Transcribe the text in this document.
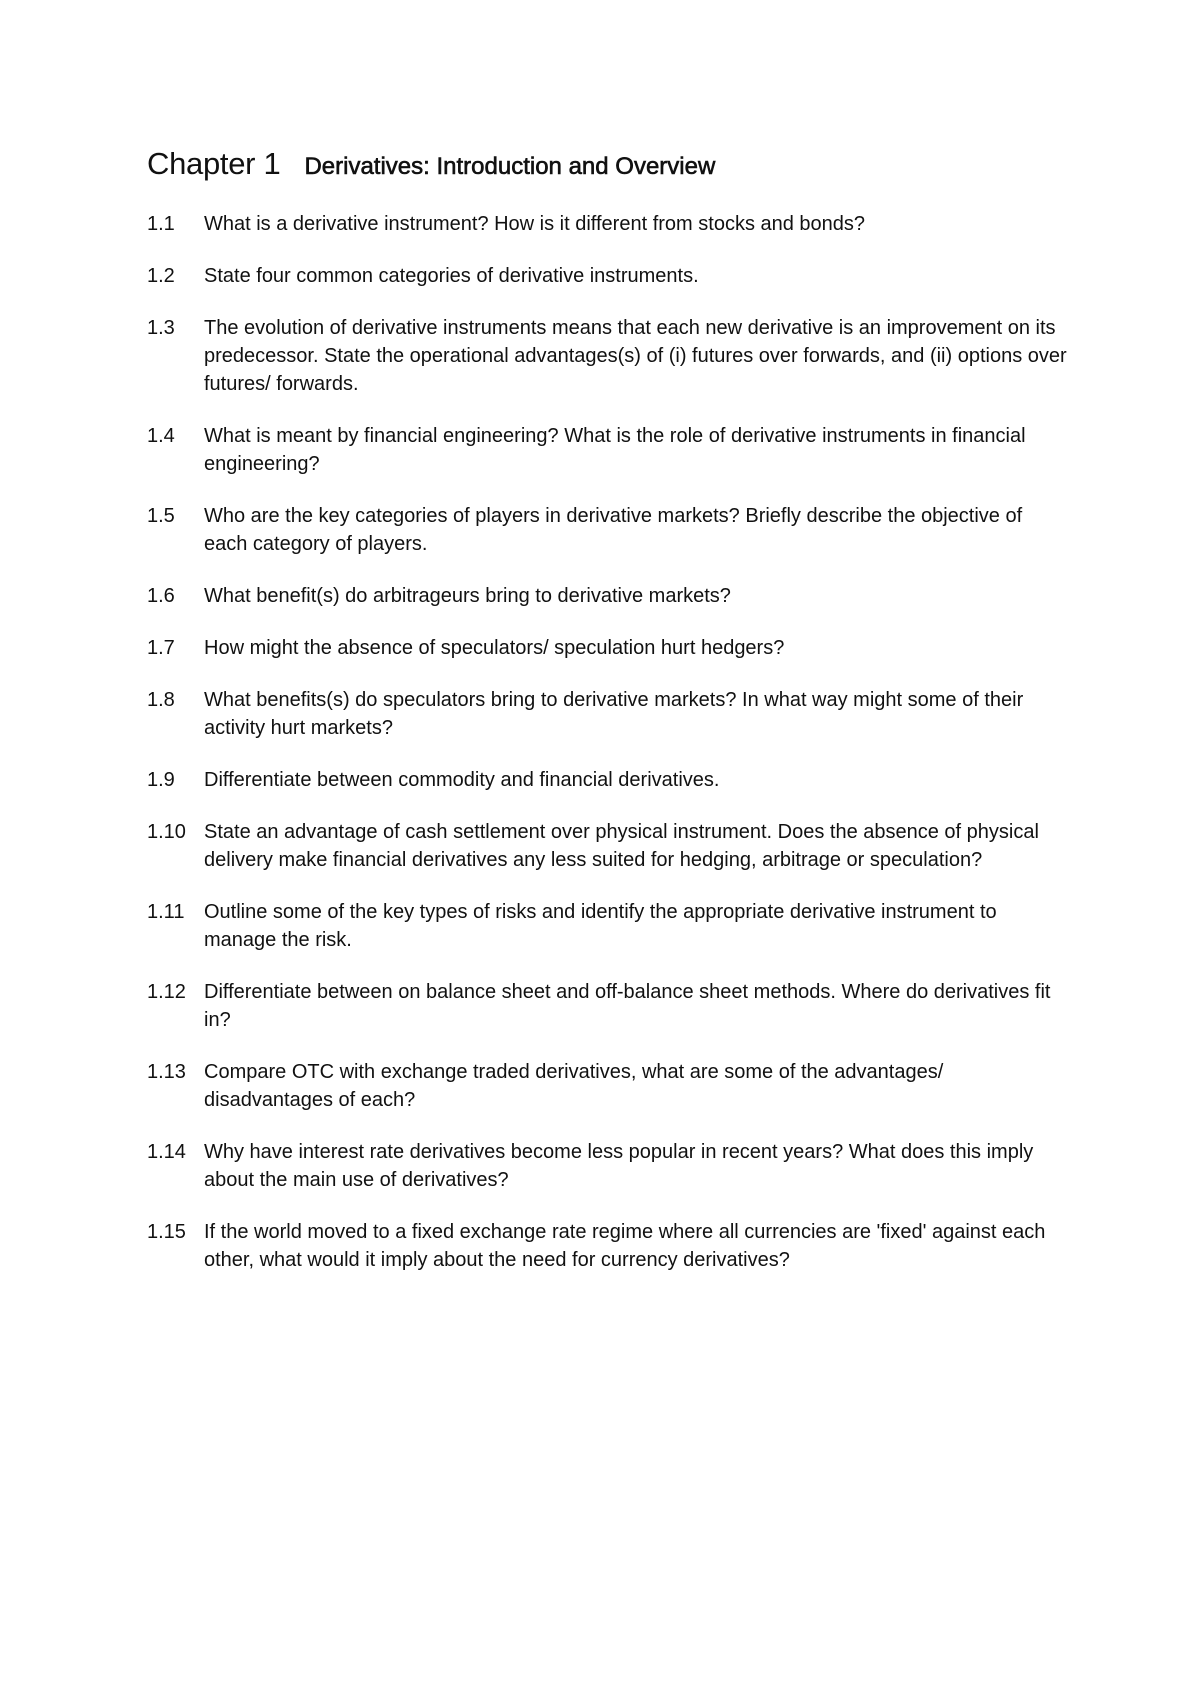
Chapter 1 Derivatives: Introduction and Overview
1.1	What is a derivative instrument? How is it different from stocks and bonds?
1.2	State four common categories of derivative instruments.
1.3	The evolution of derivative instruments means that each new derivative is an improvement on its predecessor. State the operational advantages(s) of (i) futures over forwards, and (ii) options over futures/ forwards.
1.4	What is meant by financial engineering? What is the role of derivative instruments in financial engineering?
1.5	Who are the key categories of players in derivative markets? Briefly describe the objective of each category of players.
1.6	What benefit(s) do arbitrageurs bring to derivative markets?
1.7	How might the absence of speculators/ speculation hurt hedgers?
1.8	What benefits(s) do speculators bring to derivative markets? In what way might some of their activity hurt markets?
1.9	Differentiate between commodity and financial derivatives.
1.10 State an advantage of cash settlement over physical instrument. Does the absence of physical delivery make financial derivatives any less suited for hedging, arbitrage or speculation?
1.11 Outline some of the key types of risks and identify the appropriate derivative instrument to manage the risk.
1.12 Differentiate between on balance sheet and off-balance sheet methods. Where do derivatives fit in?
1.13 Compare OTC with exchange traded derivatives, what are some of the advantages/ disadvantages of each?
1.14 Why have interest rate derivatives become less popular in recent years? What does this imply about the main use of derivatives?
1.15 If the world moved to a fixed exchange rate regime where all currencies are 'fixed' against each other, what would it imply about the need for currency derivatives?
